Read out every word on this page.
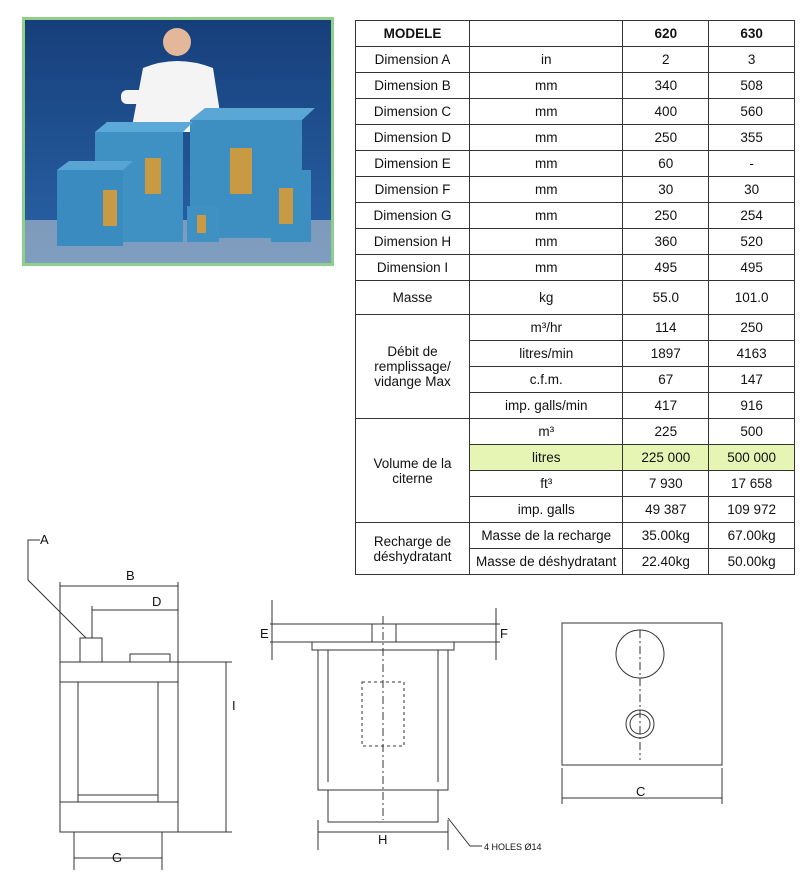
MODELE		620	630
Dimension A	in	2	3
Dimension B	mm	340	508
Dimension C	mm	400	560
Dimension D	mm	250	355
Dimension E	mm	60	-
Dimension F	mm	30	30
Dimension G	mm	250	254
Dimension H	mm	360	520
Dimension I	mm	495	495
Masse	kg	55.0	101.0
Débit de remplissage/ vidange Max	m³/hr	114	250
	litres/min	1897	4163
	c.f.m.	67	147
	imp. galls/min	417	916
Volume de la citerne	m³	225	500
	litres	225 000	500 000
	ft³	7 930	17 658
	imp. galls	49 387	109 972
Recharge de déshydratant	Masse de la recharge	35.00kg	67.00kg
	Masse de déshydratant	22.40kg	50.00kg
A
B
D
I
G
E	F
H
C
4 HOLES Ø14
